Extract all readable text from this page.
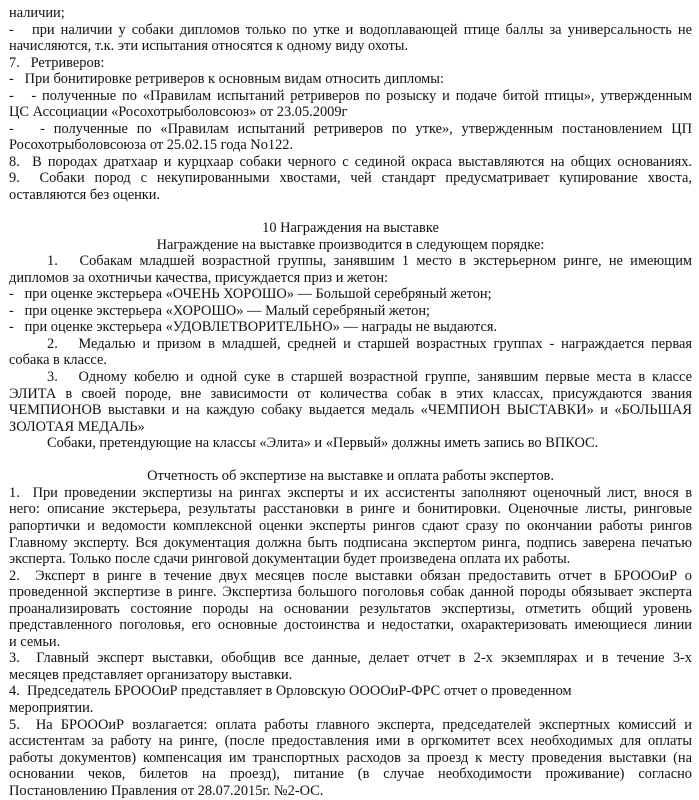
наличии;
-   при наличии у собаки дипломов только по утке и водоплавающей птице баллы за универсальность не
начисляются, т.к. эти испытания относятся к одному виду охоты.
7.   Ретриверов:
-   При бонитировке ретриверов к основным видам относить дипломы:
-   - полученные по «Правилам испытаний ретриверов по розыску и подаче битой птицы», утвержденным
ЦС Ассоциации «Росохотрыболовсоюз» от 23.05.2009г
-   - полученные по «Правилам испытаний ретриверов по утке», утвержденным постановлением ЦП
Росохотрыболовсоюза от 25.02.15 года No122.
8.  В породах дратхаар и курцхаар собаки черного с сединой окраса выставляются на общих основаниях.
9.  Собаки пород с некупированными хвостами, чей стандарт предусматривает купирование хвоста,
оставляются без оценки.

10 Награждения на выставке
Награждение на выставке производится в следующем порядке:
1.   Собакам младшей возрастной группы, занявшим 1 место в экстерьерном ринге, не имеющим
дипломов за охотничьи качества, присуждается приз и жетон:
-   при оценке экстерьера «ОЧЕНЬ ХОРОШО» — Большой серебряный жетон;
-   при оценке экстерьера «ХОРОШО» — Малый серебряный жетон;
-   при оценке экстерьера «УДОВЛЕТВОРИТЕЛЬНО» — награды не выдаются.
2.   Медалью и призом в младшей, средней и старшей возрастных группах - награждается первая
собака в классе.
3.   Одному кобелю и одной суке в старшей возрастной группе, занявшим первые места в классе
ЭЛИТА в своей породе, вне зависимости от количества собак в этих классах, присуждаются звания
ЧЕМПИОНОВ выставки и на каждую собаку выдается медаль «ЧЕМПИОН ВЫСТАВКИ» и «БОЛЬШАЯ
ЗОЛОТАЯ МЕДАЛЬ»
Собаки, претендующие на классы «Элита» и «Первый» должны иметь запись во ВПКОС.

Отчетность об экспертизе на выставке и оплата работы экспертов.
1.  При проведении экспертизы на рингах эксперты и их ассистенты заполняют оценочный лист, внося в
него: описание экстерьера, результаты расстановки в ринге и бонитировки. Оценочные листы, ринговые
рапортички и ведомости комплексной оценки эксперты рингов сдают сразу по окончании работы рингов
Главному эксперту. Вся документация должна быть подписана экспертом ринга, подпись заверена печатью
эксперта. Только после сдачи ринговой документации будет произведена оплата их работы.
2.  Эксперт в ринге в течение двух месяцев после выставки обязан предоставить отчет в БРОООиР о
проведенной экспертизе в ринге. Экспертиза большого поголовья собак данной породы обязывает эксперта
проанализировать состояние породы на основании результатов экспертизы, отметить общий уровень
представленного поголовья, его основные достоинства и недостатки, охарактеризовать имеющиеся линии
и семьи.
3.  Главный эксперт выставки, обобщив все данные, делает отчет в 2-х экземплярах и в течение 3-х
месяцев представляет организатору выставки.
4.  Председатель БРОООиР представляет в Орловскую ООООиР-ФРС отчет о проведенном
мероприятии.
5.  На БРОООиР возлагается: оплата работы главного эксперта, председателей экспертных комиссий и
ассистентам за работу на ринге, (после предоставления ими в оргкомитет всех необходимых для оплаты
работы документов) компенсация им транспортных расходов за проезд к месту проведения выставки (на
основании чеков, билетов на проезд), питание (в случае необходимости проживание) согласно
Постановлению Правления от 28.07.2015г. №2-ОС.
